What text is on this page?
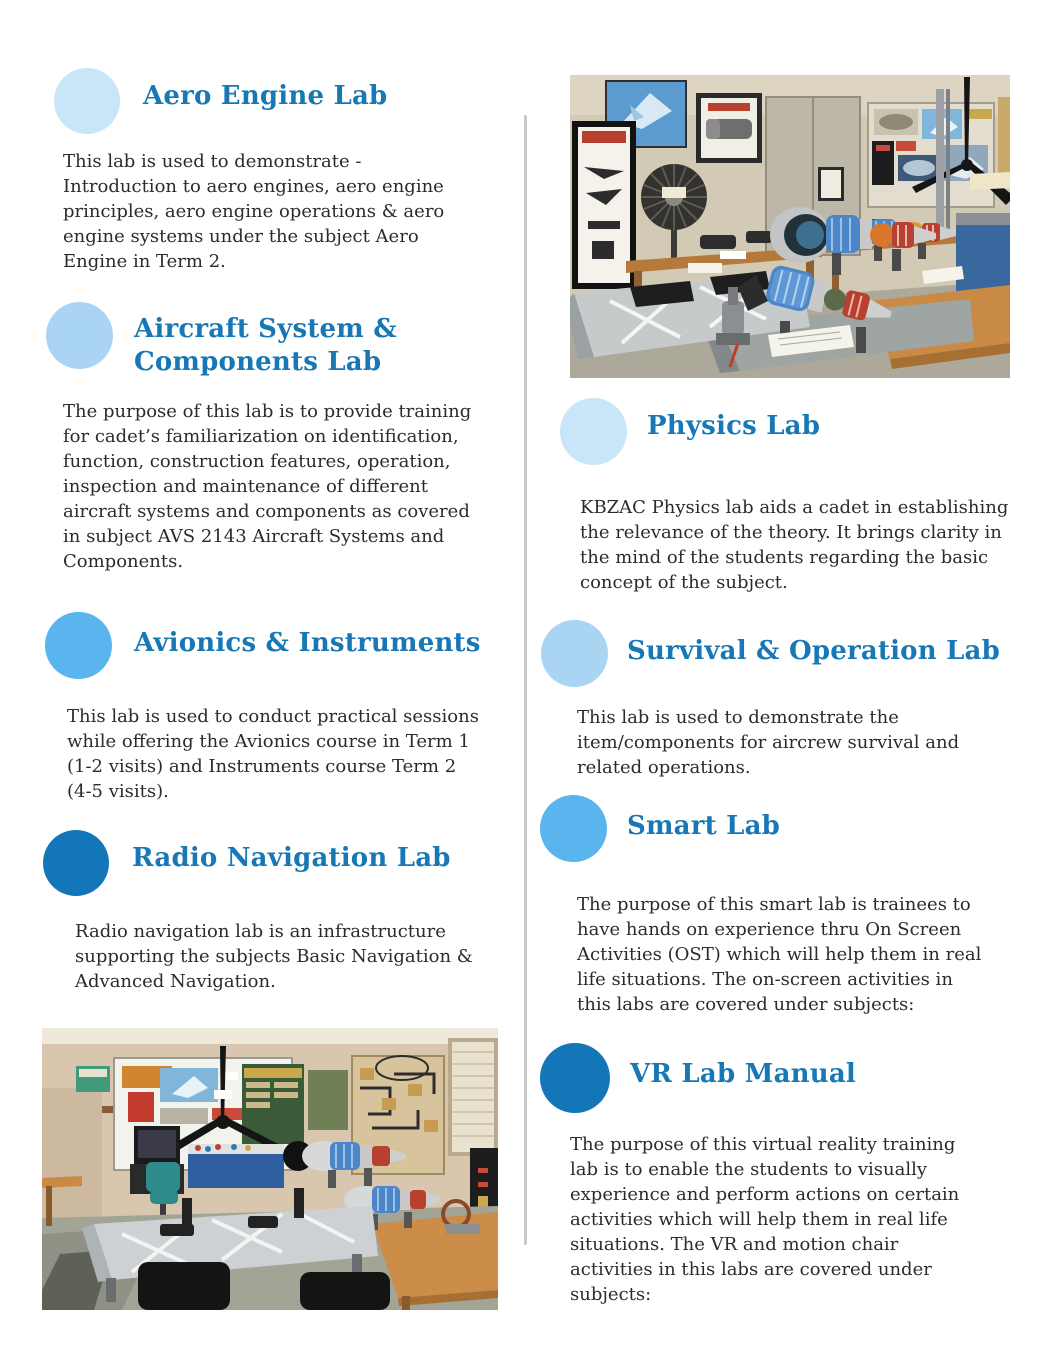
Aero Engine Lab

This lab is used to demonstrate - Introduction to aero engines, aero engine principles, aero engine operations & aero engine systems under the subject Aero Engine in Term 2.

Aircraft System & Components Lab

The purpose of this lab is to provide training for cadet’s familiarization on identification, function, construction features, operation, inspection and maintenance of different aircraft systems and components as covered in subject AVS 2143 Aircraft Systems and Components.

Avionics & Instruments

This lab is used to conduct practical sessions while offering the Avionics course in Term 1 (1-2 visits) and Instruments course Term 2 (4-5 visits).

Radio Navigation Lab

Radio navigation lab is an infrastructure supporting the subjects Basic Navigation & Advanced Navigation.

Physics Lab

KBZAC Physics lab aids a cadet in establishing the relevance of the theory. It brings clarity in the mind of the students regarding the basic concept of the subject.

Survival & Operation Lab

This lab is used to demonstrate the item/components for aircrew survival and related operations.

Smart Lab

The purpose of this smart lab is trainees to have hands on experience thru On Screen Activities (OST) which will help them in real life situations. The on-screen activities in this labs are covered under subjects:

VR Lab Manual

The purpose of this virtual reality training lab is to enable the students to visually experience and perform actions on certain activities which will help them in real life situations. The VR and motion chair activities in this labs are covered under subjects:
